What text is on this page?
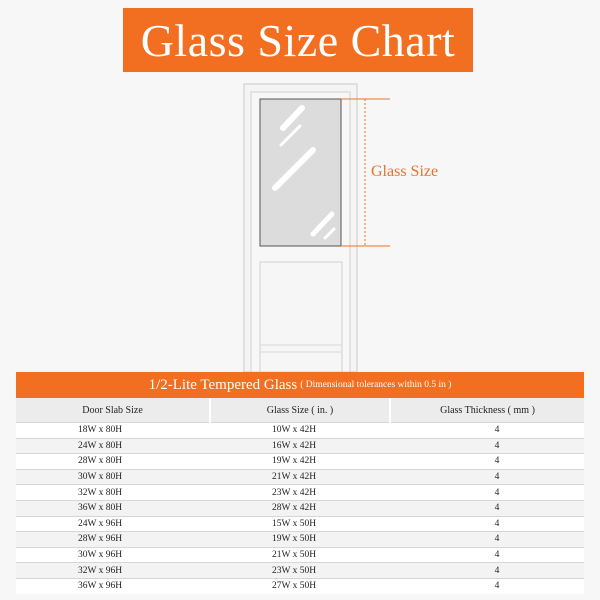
Glass Size Chart
Glass Size
1/2-Lite Tempered Glass ( Dimensional tolerances within 0.5 in )
Door Slab Size	Glass Size ( in. )	Glass Thickness ( mm )
18W x 80H	10W x 42H	4
24W x 80H	16W x 42H	4
28W x 80H	19W x 42H	4
30W x 80H	21W x 42H	4
32W x 80H	23W x 42H	4
36W x 80H	28W x 42H	4
24W x 96H	15W x 50H	4
28W x 96H	19W x 50H	4
30W x 96H	21W x 50H	4
32W x 96H	23W x 50H	4
36W x 96H	27W x 50H	4
